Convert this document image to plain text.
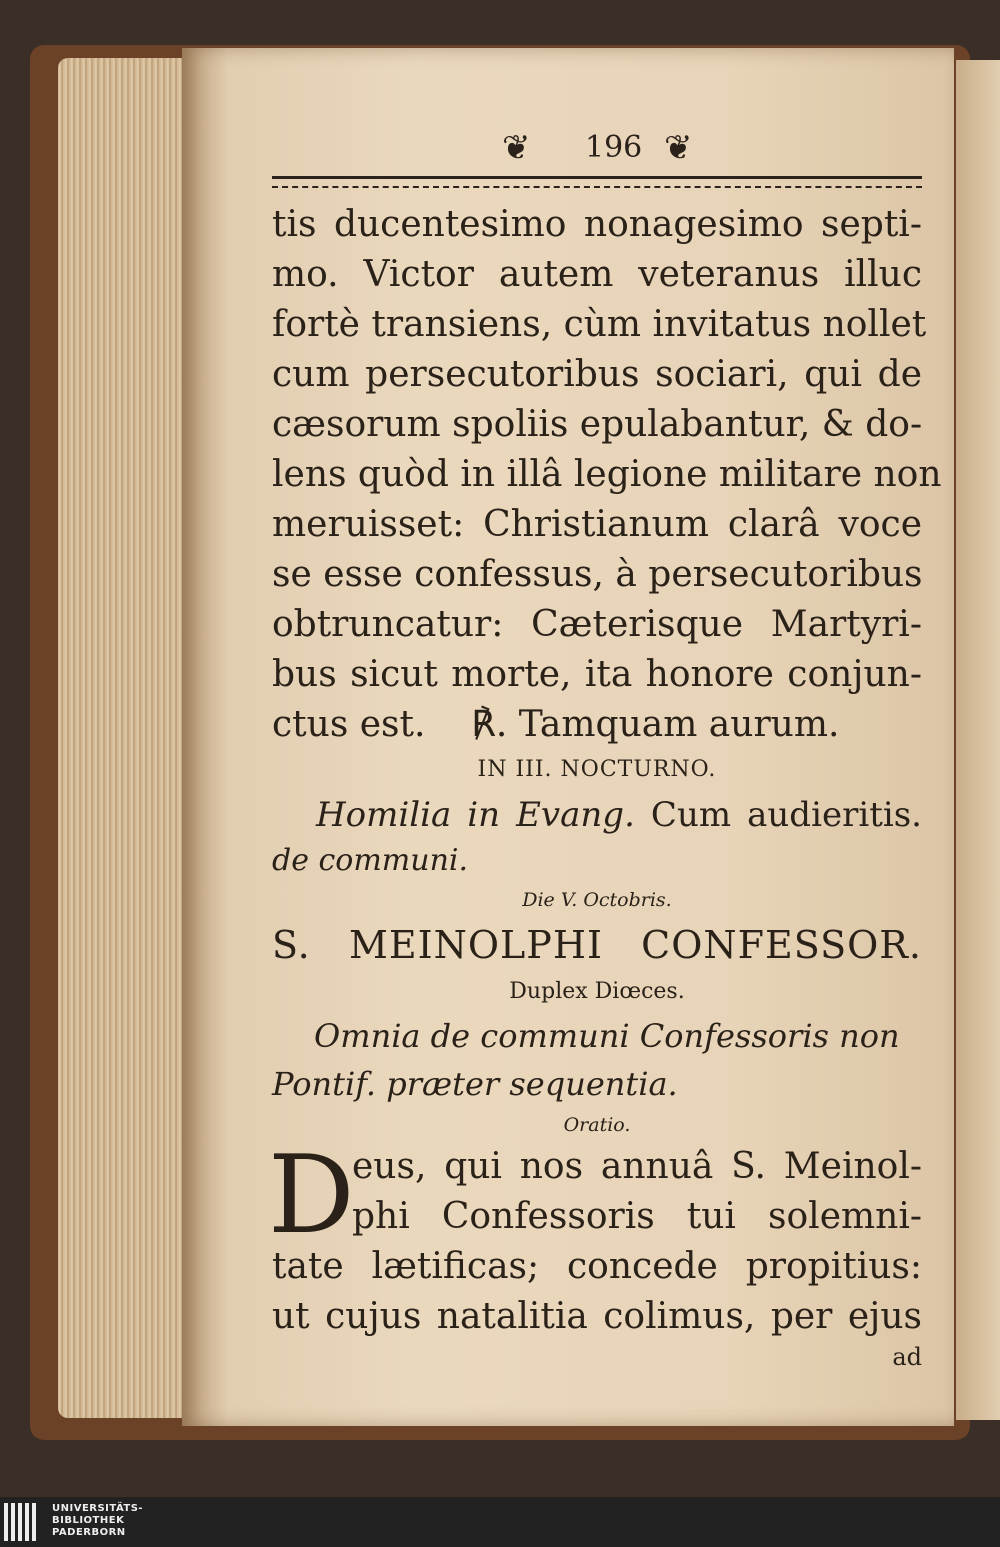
❦ 196 ❦
tis ducentesimo nonagesimo septi-
mo. Victor autem veteranus illuc
fortè transiens, cùm invitatus nollet
cum persecutoribus sociari, qui de
cæsorum spoliis epulabantur, & do-
lens quòd in illâ legione militare non
meruisset: Christianum clarâ voce
se esse confessus, à persecutoribus
obtruncatur: Cæterisque Martyri-
bus sicut morte, ita honore conjun-
ctus est.    ℟. Tamquam aurum.
IN III. NOCTURNO.
Homilia in Evang. Cum audieritis.
de communi.
Die V. Octobris.
S. MEINOLPHI CONFESSOR.
Duplex Diœces.
Omnia de communi Confessoris non
Pontif. præter sequentia.
Oratio.
D
eus, qui nos annuâ S. Meinol-
phi Confessoris tui solemni-
tate lætificas; concede propitius:
ut cujus natalitia colimus, per ejus
ad
UNIVERSITÄTS-
BIBLIOTHEK
PADERBORN
